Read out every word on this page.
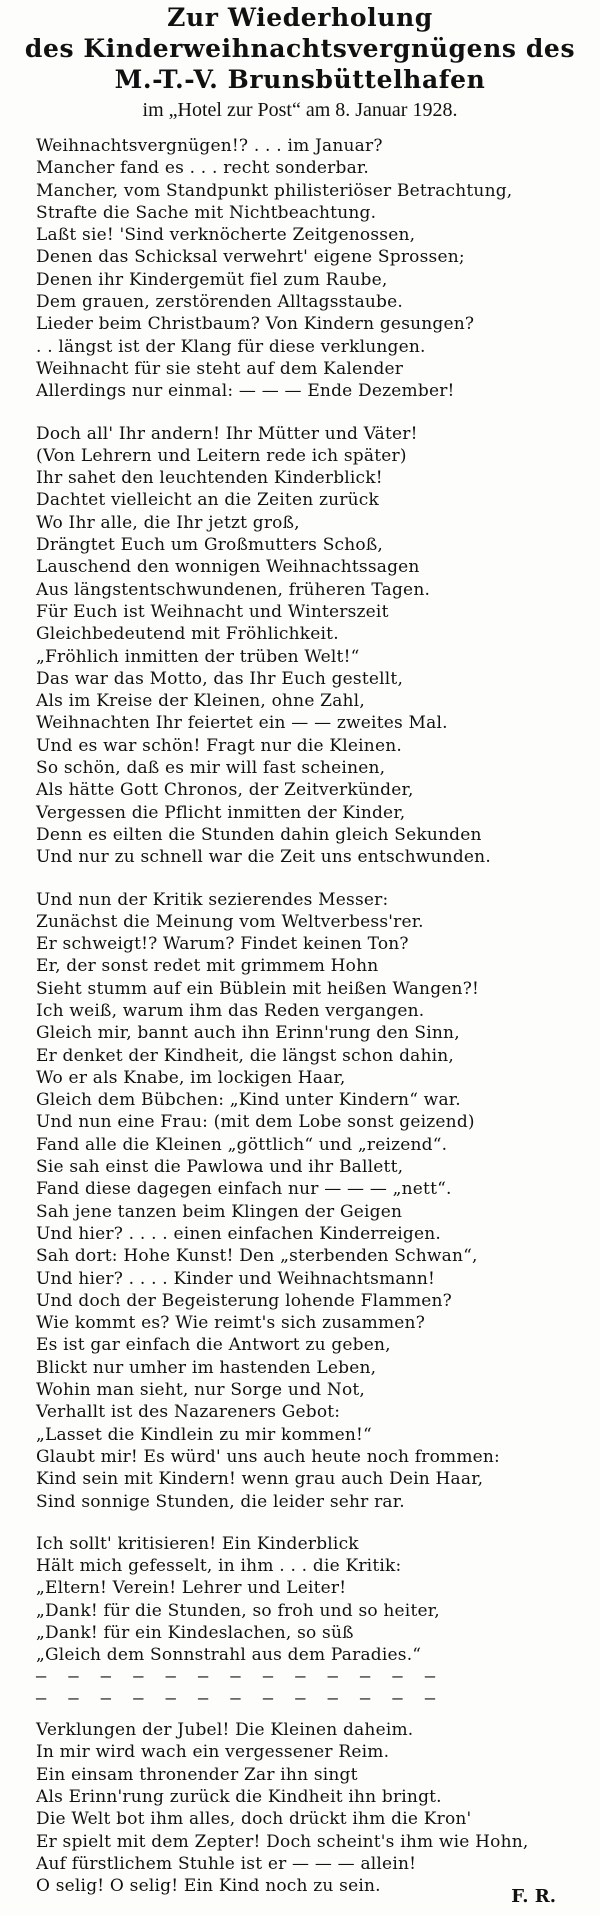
Zur Wiederholung
des Kinderweihnachtsvergnügens des
M.-T.-V. Brunsbüttelhafen
im „Hotel zur Post“ am 8. Januar 1928.
Weihnachtsvergnügen!? . . . im Januar?
Mancher fand es . . . recht sonderbar.
Mancher, vom Standpunkt philisteriöser Betrachtung,
Strafte die Sache mit Nichtbeachtung.
Laßt sie! 'Sind verknöcherte Zeitgenossen,
Denen das Schicksal verwehrt' eigene Sprossen;
Denen ihr Kindergemüt fiel zum Raube,
Dem grauen, zerstörenden Alltagsstaube.
Lieder beim Christbaum? Von Kindern gesungen?
. . längst ist der Klang für diese verklungen.
Weihnacht für sie steht auf dem Kalender
Allerdings nur einmal: — — — Ende Dezember!
Doch all' Ihr andern! Ihr Mütter und Väter!
(Von Lehrern und Leitern rede ich später)
Ihr sahet den leuchtenden Kinderblick!
Dachtet vielleicht an die Zeiten zurück
Wo Ihr alle, die Ihr jetzt groß,
Drängtet Euch um Großmutters Schoß,
Lauschend den wonnigen Weihnachtssagen
Aus längstentschwundenen, früheren Tagen.
Für Euch ist Weihnacht und Winterszeit
Gleichbedeutend mit Fröhlichkeit.
„Fröhlich inmitten der trüben Welt!“
Das war das Motto, das Ihr Euch gestellt,
Als im Kreise der Kleinen, ohne Zahl,
Weihnachten Ihr feiertet ein — — zweites Mal.
Und es war schön! Fragt nur die Kleinen.
So schön, daß es mir will fast scheinen,
Als hätte Gott Chronos, der Zeitverkünder,
Vergessen die Pflicht inmitten der Kinder,
Denn es eilten die Stunden dahin gleich Sekunden
Und nur zu schnell war die Zeit uns entschwunden.
Und nun der Kritik sezierendes Messer:
Zunächst die Meinung vom Weltverbess'rer.
Er schweigt!? Warum? Findet keinen Ton?
Er, der sonst redet mit grimmem Hohn
Sieht stumm auf ein Büblein mit heißen Wangen?!
Ich weiß, warum ihm das Reden vergangen.
Gleich mir, bannt auch ihn Erinn'rung den Sinn,
Er denket der Kindheit, die längst schon dahin,
Wo er als Knabe, im lockigen Haar,
Gleich dem Bübchen: „Kind unter Kindern“ war.
Und nun eine Frau: (mit dem Lobe sonst geizend)
Fand alle die Kleinen „göttlich“ und „reizend“.
Sie sah einst die Pawlowa und ihr Ballett,
Fand diese dagegen einfach nur — — — „nett“.
Sah jene tanzen beim Klingen der Geigen
Und hier? . . . . einen einfachen Kinderreigen.
Sah dort: Hohe Kunst! Den „sterbenden Schwan“,
Und hier? . . . . Kinder und Weihnachtsmann!
Und doch der Begeisterung lohende Flammen?
Wie kommt es? Wie reimt's sich zusammen?
Es ist gar einfach die Antwort zu geben,
Blickt nur umher im hastenden Leben,
Wohin man sieht, nur Sorge und Not,
Verhallt ist des Nazareners Gebot:
„Lasset die Kindlein zu mir kommen!“
Glaubt mir! Es würd' uns auch heute noch frommen:
Kind sein mit Kindern! wenn grau auch Dein Haar,
Sind sonnige Stunden, die leider sehr rar.
Ich sollt' kritisieren! Ein Kinderblick
Hält mich gefesselt, in ihm . . . die Kritik:
„Eltern! Verein! Lehrer und Leiter!
„Dank! für die Stunden, so froh und so heiter,
„Dank! für ein Kindeslachen, so süß
„Gleich dem Sonnstrahl aus dem Paradies.“
— — — — — — — — — — — — —
— — — — — — — — — — — — —
Verklungen der Jubel! Die Kleinen daheim.
In mir wird wach ein vergessener Reim.
Ein einsam thronender Zar ihn singt
Als Erinn'rung zurück die Kindheit ihn bringt.
Die Welt bot ihm alles, doch drückt ihm die Kron'
Er spielt mit dem Zepter! Doch scheint's ihm wie Hohn,
Auf fürstlichem Stuhle ist er — — — allein!
O selig! O selig! Ein Kind noch zu sein.	F. R.
